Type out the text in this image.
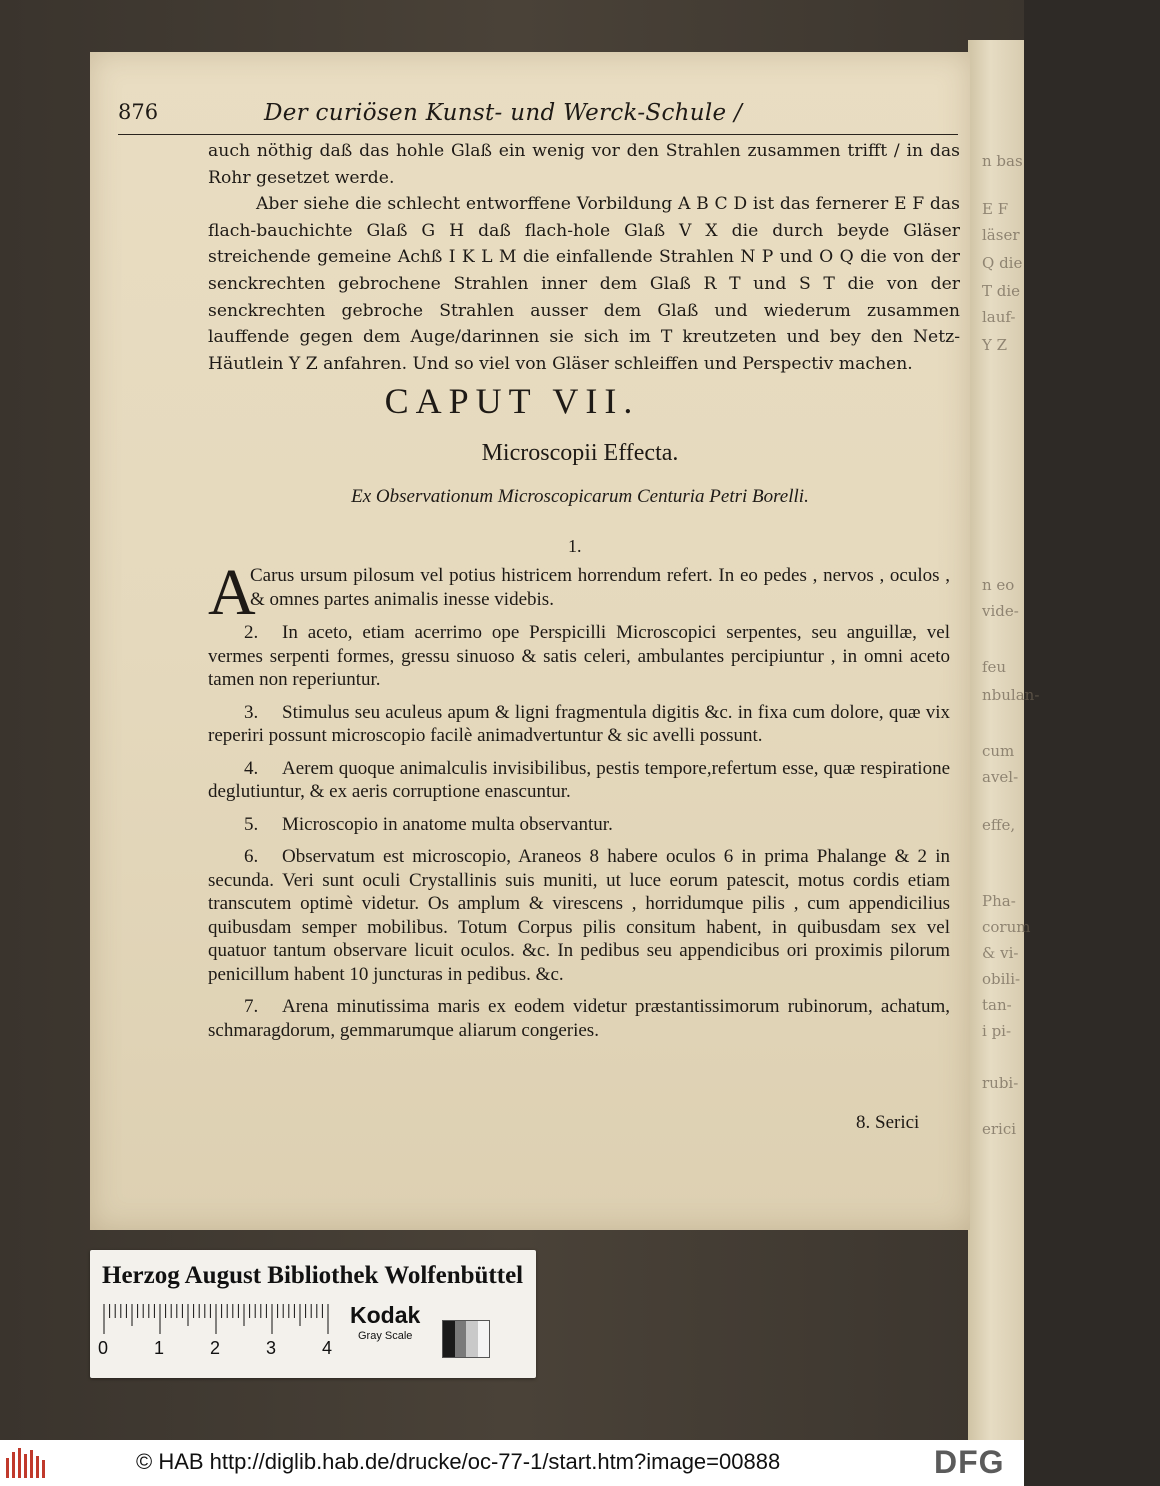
n bas
E F
läser
Q die
T die
lauf-
Y Z
n eo
vide-
feu
nbulan-
cum
avel-
effe,
Pha-
corum
& vi-
obili-
tan-
i pi-
rubi-
erici
876	Der curiösen Kunst- und Werck-Schule /

auch nöthig daß das hohle Glaß ein wenig vor den Strahlen zusammen trifft / in das Rohr gesetzet werde.

Aber siehe die schlecht entworffene Vorbildung A B C D ist das fernerer E F das flach-bauchichte Glaß G H daß flach-hole Glaß V X die durch beyde Gläser streichende gemeine Achß I K L M die einfallende Strahlen N P und O Q die von der senckrechten gebrochene Strahlen inner dem Glaß R T und S T die von der senckrechten gebroche Strahlen ausser dem Glaß und wiederum zusammen lauffende gegen dem Auge/darinnen sie sich im T kreutzeten und bey den Netz-Häutlein Y Z anfahren. Und so viel von Gläser schleiffen und Perspectiv machen.

CAPUT VII.
Microscopii Effecta.
Ex Observationum Microscopicarum Centuria Petri Borelli.
1.

A
Carus ursum pilosum vel potius histricem horrendum refert. In eo pedes , nervos , oculos , & omnes partes animalis inesse videbis.

2. In aceto, etiam acerrimo ope Perspicilli Microscopici serpentes, seu anguillæ, vel vermes serpenti formes, gressu sinuoso & satis celeri, ambulantes percipiuntur , in omni aceto tamen non reperiuntur.

3. Stimulus seu aculeus apum & ligni fragmentula digitis &c. in fixa cum dolore, quæ vix reperiri possunt microscopio facilè animadvertuntur & sic avelli possunt.

4. Aerem quoque animalculis invisibilibus, pestis tempore,refertum esse, quæ respiratione deglutiuntur, & ex aeris corruptione enascuntur.

5. Microscopio in anatome multa observantur.

6. Observatum est microscopio, Araneos 8 habere oculos 6 in prima Phalange & 2 in secunda. Veri sunt oculi Crystallinis suis muniti, ut luce eorum patescit, motus cordis etiam transcutem optimè videtur. Os amplum & virescens , horridumque pilis , cum appendicilius quibusdam semper mobilibus. Totum Corpus pilis consitum habent, in quibusdam sex vel quatuor tantum observare licuit oculos. &c. In pedibus seu appendicibus ori proximis pilorum penicillum habent 10 juncturas in pedibus. &c.

7. Arena minutissima maris ex eodem videtur præstantissimorum rubinorum, achatum, schmaragdorum, gemmarumque aliarum congeries.

8. Serici
Herzog August Bibliothek Wolfenbüttel
0	1	2	3	4
Kodak
Gray Scale
© HAB http://diglib.hab.de/drucke/oc-77-1/start.htm?image=00888	DFG
